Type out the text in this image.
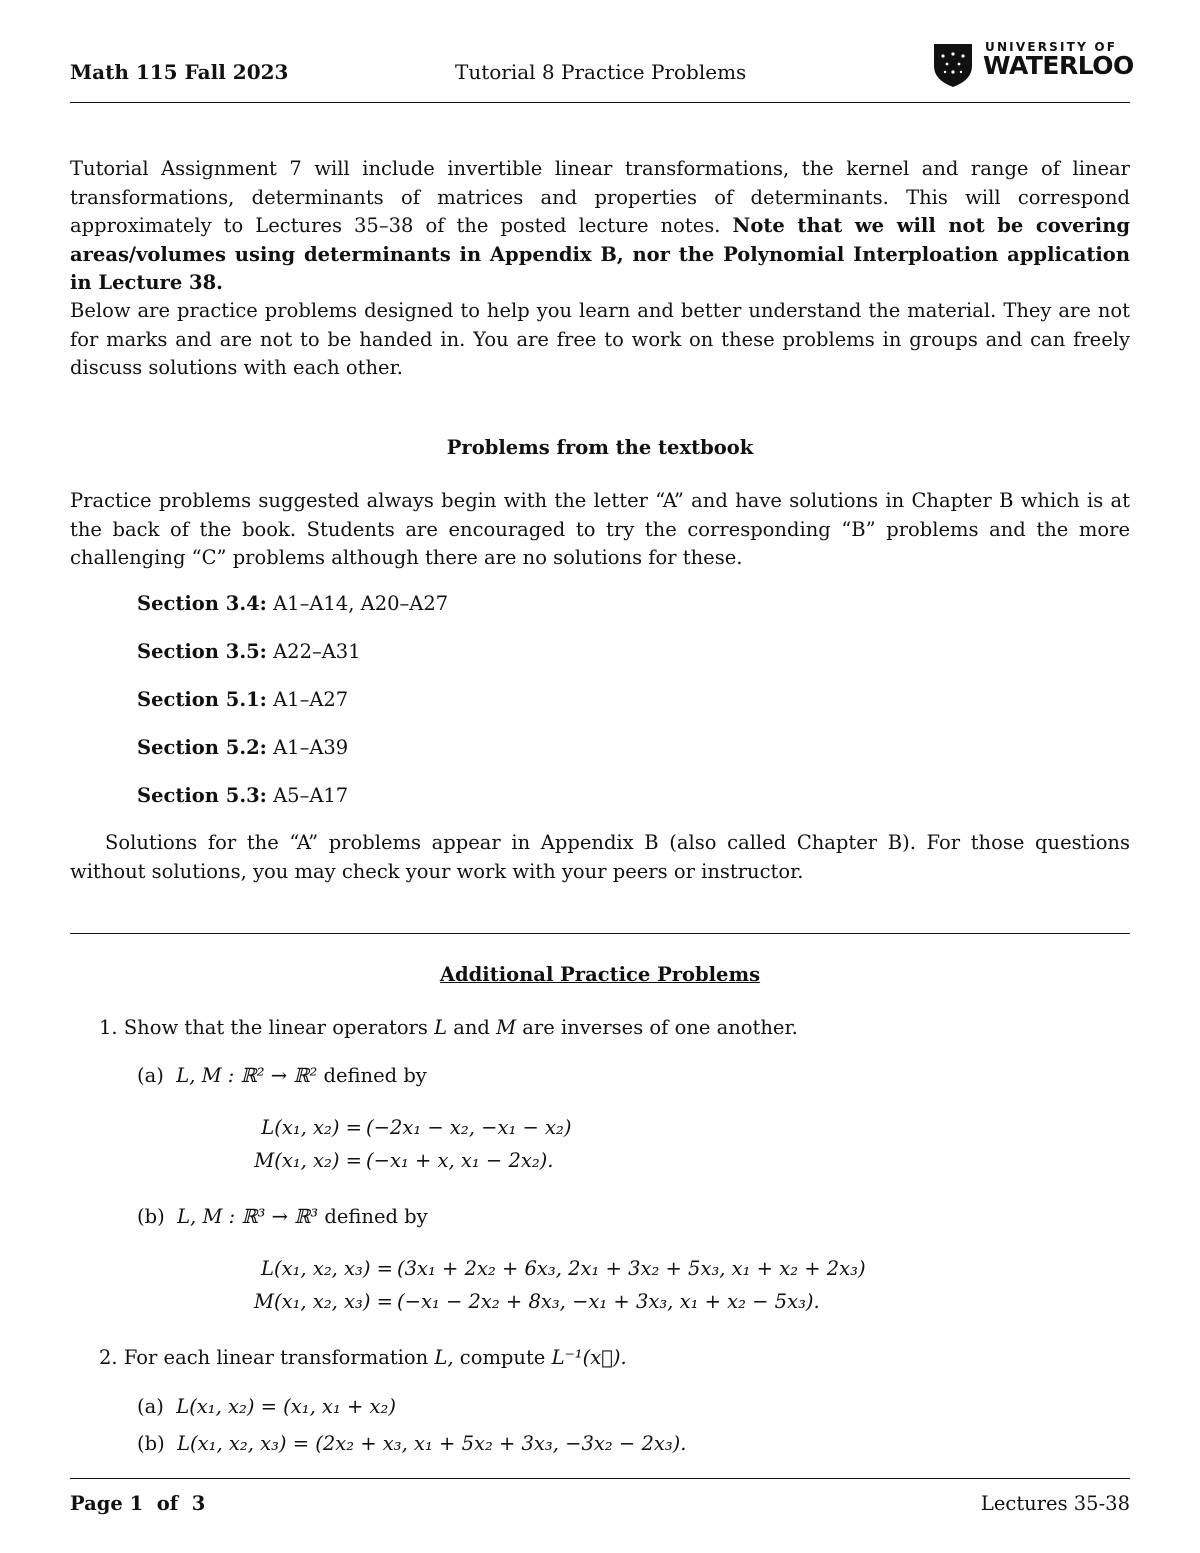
Math 115 Fall 2023	Tutorial 8 Practice Problems
UNIVERSITY OF
WATERLOO
Tutorial Assignment 7 will include invertible linear transformations, the kernel and range of linear transformations, determinants of matrices and properties of determinants. This will correspond approximately to Lectures 35–38 of the posted lecture notes. Note that we will not be covering areas/volumes using determinants in Appendix B, nor the Polynomial Interploation application in Lecture 38.
Below are practice problems designed to help you learn and better understand the material. They are not for marks and are not to be handed in. You are free to work on these problems in groups and can freely discuss solutions with each other.
Problems from the textbook
Practice problems suggested always begin with the letter “A” and have solutions in Chapter B which is at the back of the book. Students are encouraged to try the corresponding “B” problems and the more challenging “C” problems although there are no solutions for these.
Section 3.4: A1–A14, A20–A27
Section 3.5: A22–A31
Section 5.1: A1–A27
Section 5.2: A1–A39
Section 5.3: A5–A17
Solutions for the “A” problems appear in Appendix B (also called Chapter B). For those questions without solutions, you may check your work with your peers or instructor.
Additional Practice Problems
1. Show that the linear operators L and M are inverses of one another.
(a) L, M : ℝ² → ℝ² defined by
L(x₁, x₂) = (−2x₁ − x₂, −x₁ − x₂)
M(x₁, x₂) = (−x₁ + x, x₁ − 2x₂).
(b) L, M : ℝ³ → ℝ³ defined by
L(x₁, x₂, x₃) = (3x₁ + 2x₂ + 6x₃, 2x₁ + 3x₂ + 5x₃, x₁ + x₂ + 2x₃)
M(x₁, x₂, x₃) = (−x₁ − 2x₂ + 8x₃, −x₁ + 3x₃, x₁ + x₂ − 5x₃).
2. For each linear transformation L, compute L⁻¹(x⃗).
(a) L(x₁, x₂) = (x₁, x₁ + x₂)
(b) L(x₁, x₂, x₃) = (2x₂ + x₃, x₁ + 5x₂ + 3x₃, −3x₂ − 2x₃).
Page 1  of  3	Lectures 35-38
